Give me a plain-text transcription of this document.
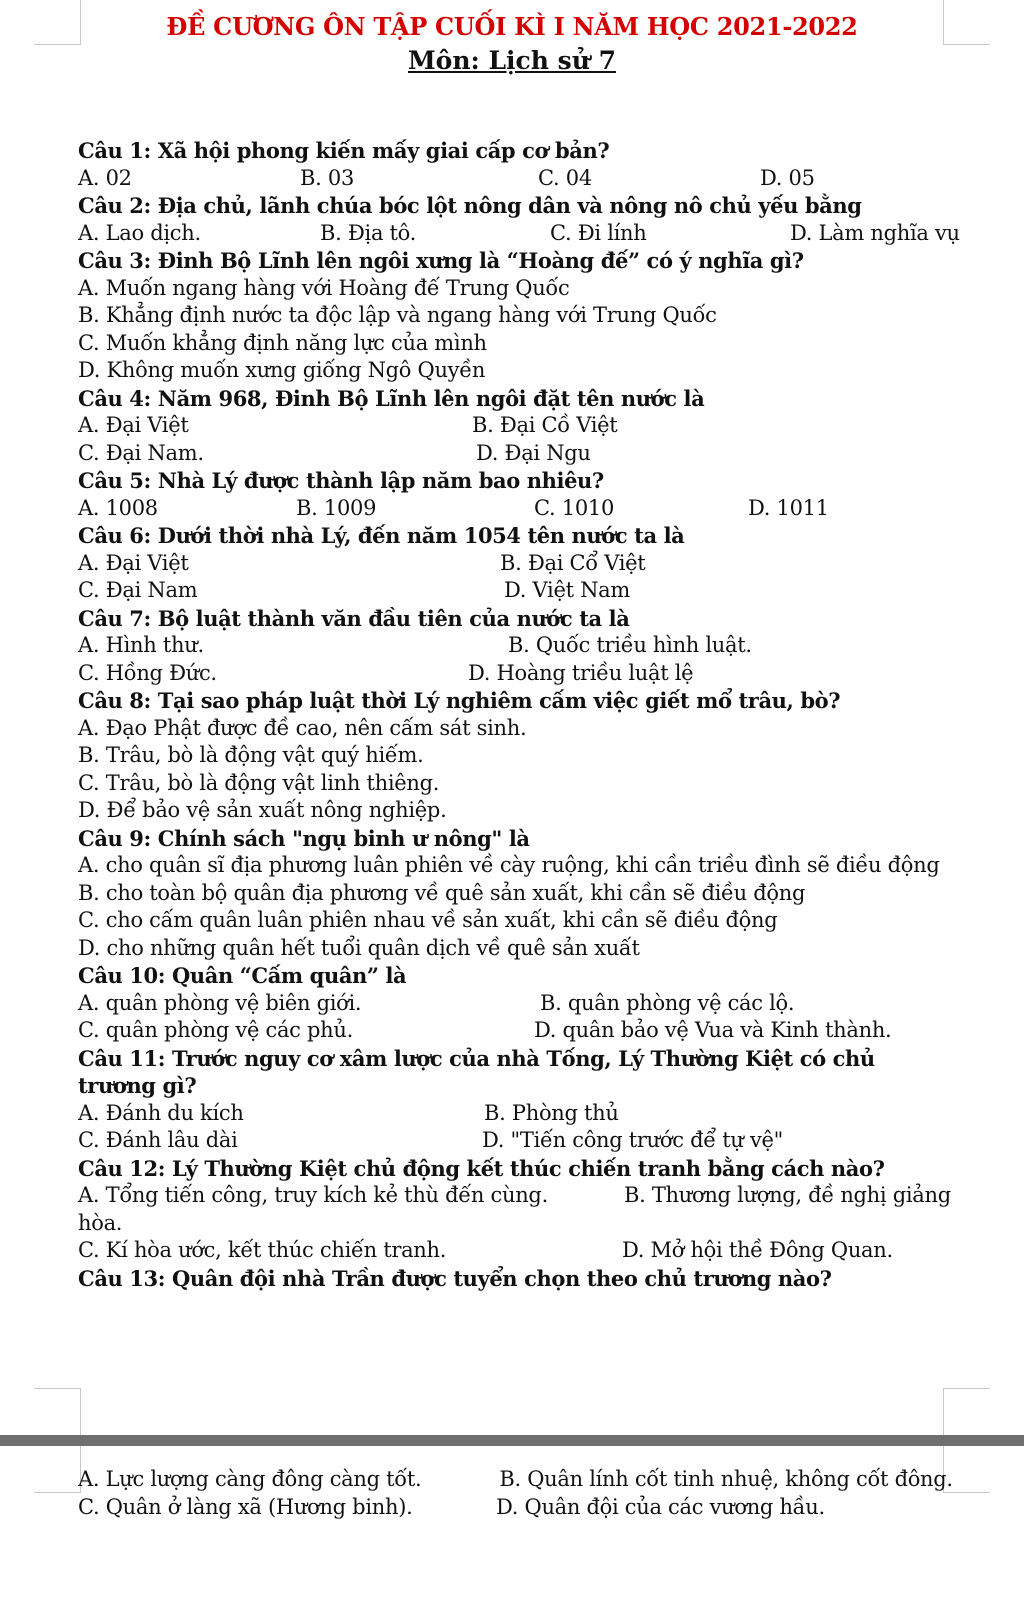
ĐỀ CƯƠNG ÔN TẬP CUỐI KÌ I NĂM HỌC 2021-2022
Môn: Lịch sử 7
Câu 1: Xã hội phong kiến mấy giai cấp cơ bản?
A. 02	B. 03	C. 04	D. 05
Câu 2: Địa chủ, lãnh chúa bóc lột nông dân và nông nô chủ yếu bằng
A. Lao dịch.	B. Địa tô.	C. Đi lính	D. Làm nghĩa vụ
Câu 3: Đinh Bộ Lĩnh lên ngôi xưng là “Hoàng đế” có ý nghĩa gì?
A. Muốn ngang hàng với Hoàng đế Trung Quốc
B. Khẳng định nước ta độc lập và ngang hàng với Trung Quốc
C. Muốn khẳng định năng lực của mình
D. Không muốn xưng giống Ngô Quyền
Câu 4: Năm 968, Đinh Bộ Lĩnh lên ngôi đặt tên nước là
A. Đại Việt	B. Đại Cồ Việt
C. Đại Nam.	D. Đại Ngu
Câu 5: Nhà Lý được thành lập năm bao nhiêu?
A. 1008	B. 1009	C. 1010	D. 1011
Câu 6: Dưới thời nhà Lý, đến năm 1054 tên nước ta là
A. Đại Việt	B. Đại Cổ Việt
C. Đại Nam	D. Việt Nam
Câu 7: Bộ luật thành văn đầu tiên của nước ta là
A. Hình thư.	B. Quốc triều hình luật.
C. Hồng Đức.	D. Hoàng triều luật lệ
Câu 8: Tại sao pháp luật thời Lý nghiêm cấm việc giết mổ trâu, bò?
A. Đạo Phật được đề cao, nên cấm sát sinh.
B. Trâu, bò là động vật quý hiếm.
C. Trâu, bò là động vật linh thiêng.
D. Để bảo vệ sản xuất nông nghiệp.
Câu 9: Chính sách "ngụ binh ư nông" là
A. cho quân sĩ địa phương luân phiên về cày ruộng, khi cần triều đình sẽ điều động
B. cho toàn bộ quân địa phương về quê sản xuất, khi cần sẽ điều động
C. cho cấm quân luân phiên nhau về sản xuất, khi cần sẽ điều động
D. cho những quân hết tuổi quân dịch về quê sản xuất
Câu 10: Quân “Cấm quân” là
A. quân phòng vệ biên giới.	B. quân phòng vệ các lộ.
C. quân phòng vệ các phủ.	D. quân bảo vệ Vua và Kinh thành.
Câu 11: Trước nguy cơ xâm lược của nhà Tống, Lý Thường Kiệt có chủ trương gì?
A. Đánh du kích	B. Phòng thủ
C. Đánh lâu dài	D. "Tiến công trước để tự vệ"
Câu 12: Lý Thường Kiệt chủ động kết thúc chiến tranh bằng cách nào?
A. Tổng tiến công, truy kích kẻ thù đến cùng.	B. Thương lượng, đề nghị giảng hòa.
C. Kí hòa ước, kết thúc chiến tranh.	D. Mở hội thề Đông Quan.
Câu 13: Quân đội nhà Trần được tuyển chọn theo chủ trương nào?
A. Lực lượng càng đông càng tốt.	B. Quân lính cốt tinh nhuệ, không cốt đông.
C. Quân ở làng xã (Hương binh).	D. Quân đội của các vương hầu.
